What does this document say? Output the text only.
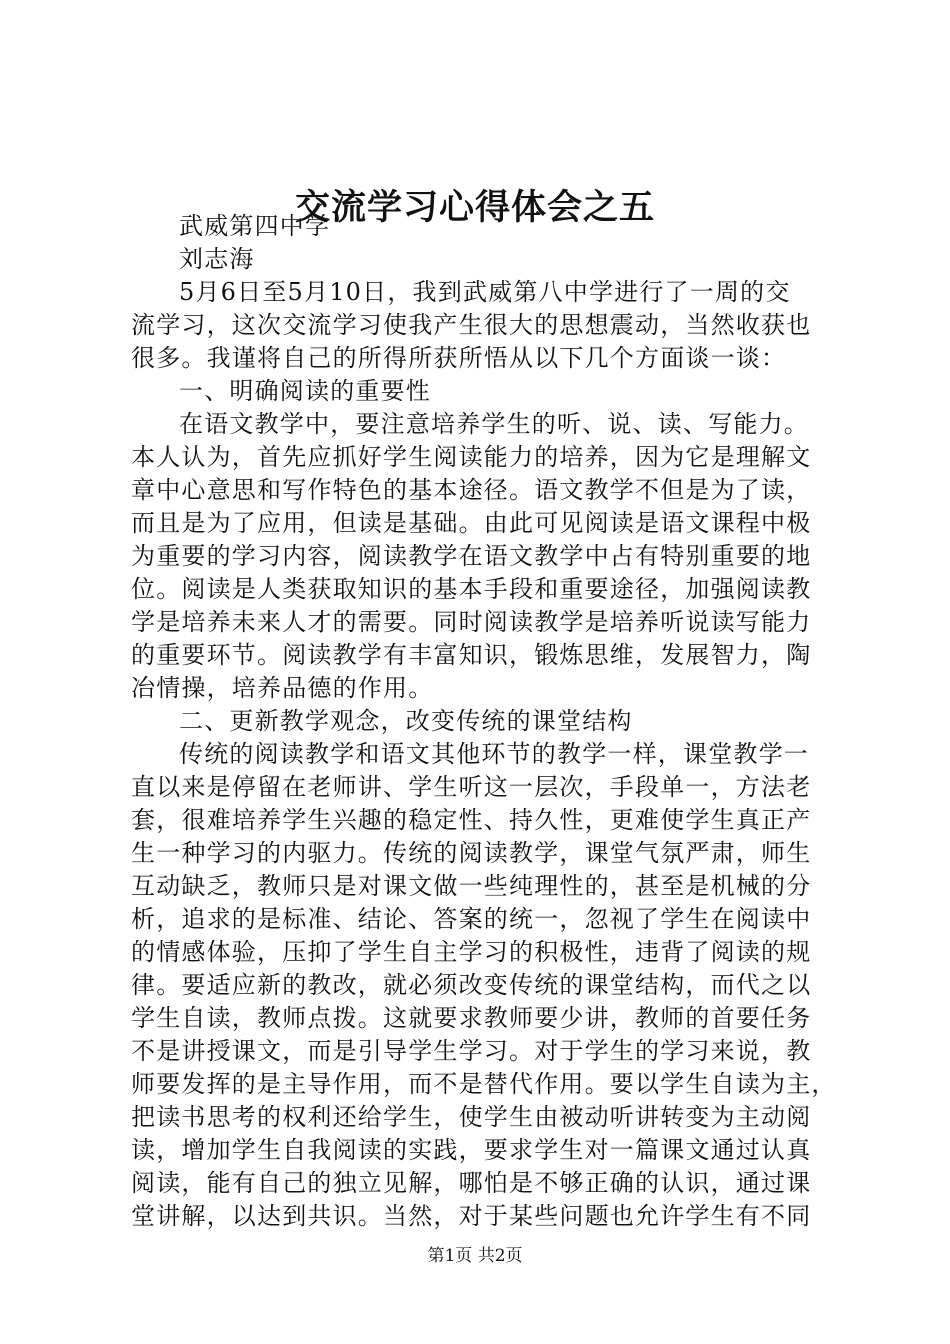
交流学习心得体会之五
武威第四中学
刘志海
5月6日至5月10日，我到武威第八中学进行了一周的交
流学习，这次交流学习使我产生很大的思想震动，当然收获也
很多。我谨将自己的所得所获所悟从以下几个方面谈一谈：
一、明确阅读的重要性
在语文教学中，要注意培养学生的听、说、读、写能力。
本人认为，首先应抓好学生阅读能力的培养，因为它是理解文
章中心意思和写作特色的基本途径。语文教学不但是为了读，
而且是为了应用，但读是基础。由此可见阅读是语文课程中极
为重要的学习内容，阅读教学在语文教学中占有特别重要的地
位。阅读是人类获取知识的基本手段和重要途径，加强阅读教
学是培养未来人才的需要。同时阅读教学是培养听说读写能力
的重要环节。阅读教学有丰富知识，锻炼思维，发展智力，陶
冶情操，培养品德的作用。
二、更新教学观念，改变传统的课堂结构
传统的阅读教学和语文其他环节的教学一样，课堂教学一
直以来是停留在老师讲、学生听这一层次，手段单一，方法老
套，很难培养学生兴趣的稳定性、持久性，更难使学生真正产
生一种学习的内驱力。传统的阅读教学，课堂气氛严肃，师生
互动缺乏，教师只是对课文做一些纯理性的，甚至是机械的分
析，追求的是标准、结论、答案的统一，忽视了学生在阅读中
的情感体验，压抑了学生自主学习的积极性，违背了阅读的规
律。要适应新的教改，就必须改变传统的课堂结构，而代之以
学生自读，教师点拨。这就要求教师要少讲，教师的首要任务
不是讲授课文，而是引导学生学习。对于学生的学习来说，教
师要发挥的是主导作用，而不是替代作用。要以学生自读为主，
把读书思考的权利还给学生，使学生由被动听讲转变为主动阅
读，增加学生自我阅读的实践，要求学生对一篇课文通过认真
阅读，能有自己的独立见解，哪怕是不够正确的认识，通过课
堂讲解，以达到共识。当然，对于某些问题也允许学生有不同
第1页 共2页
